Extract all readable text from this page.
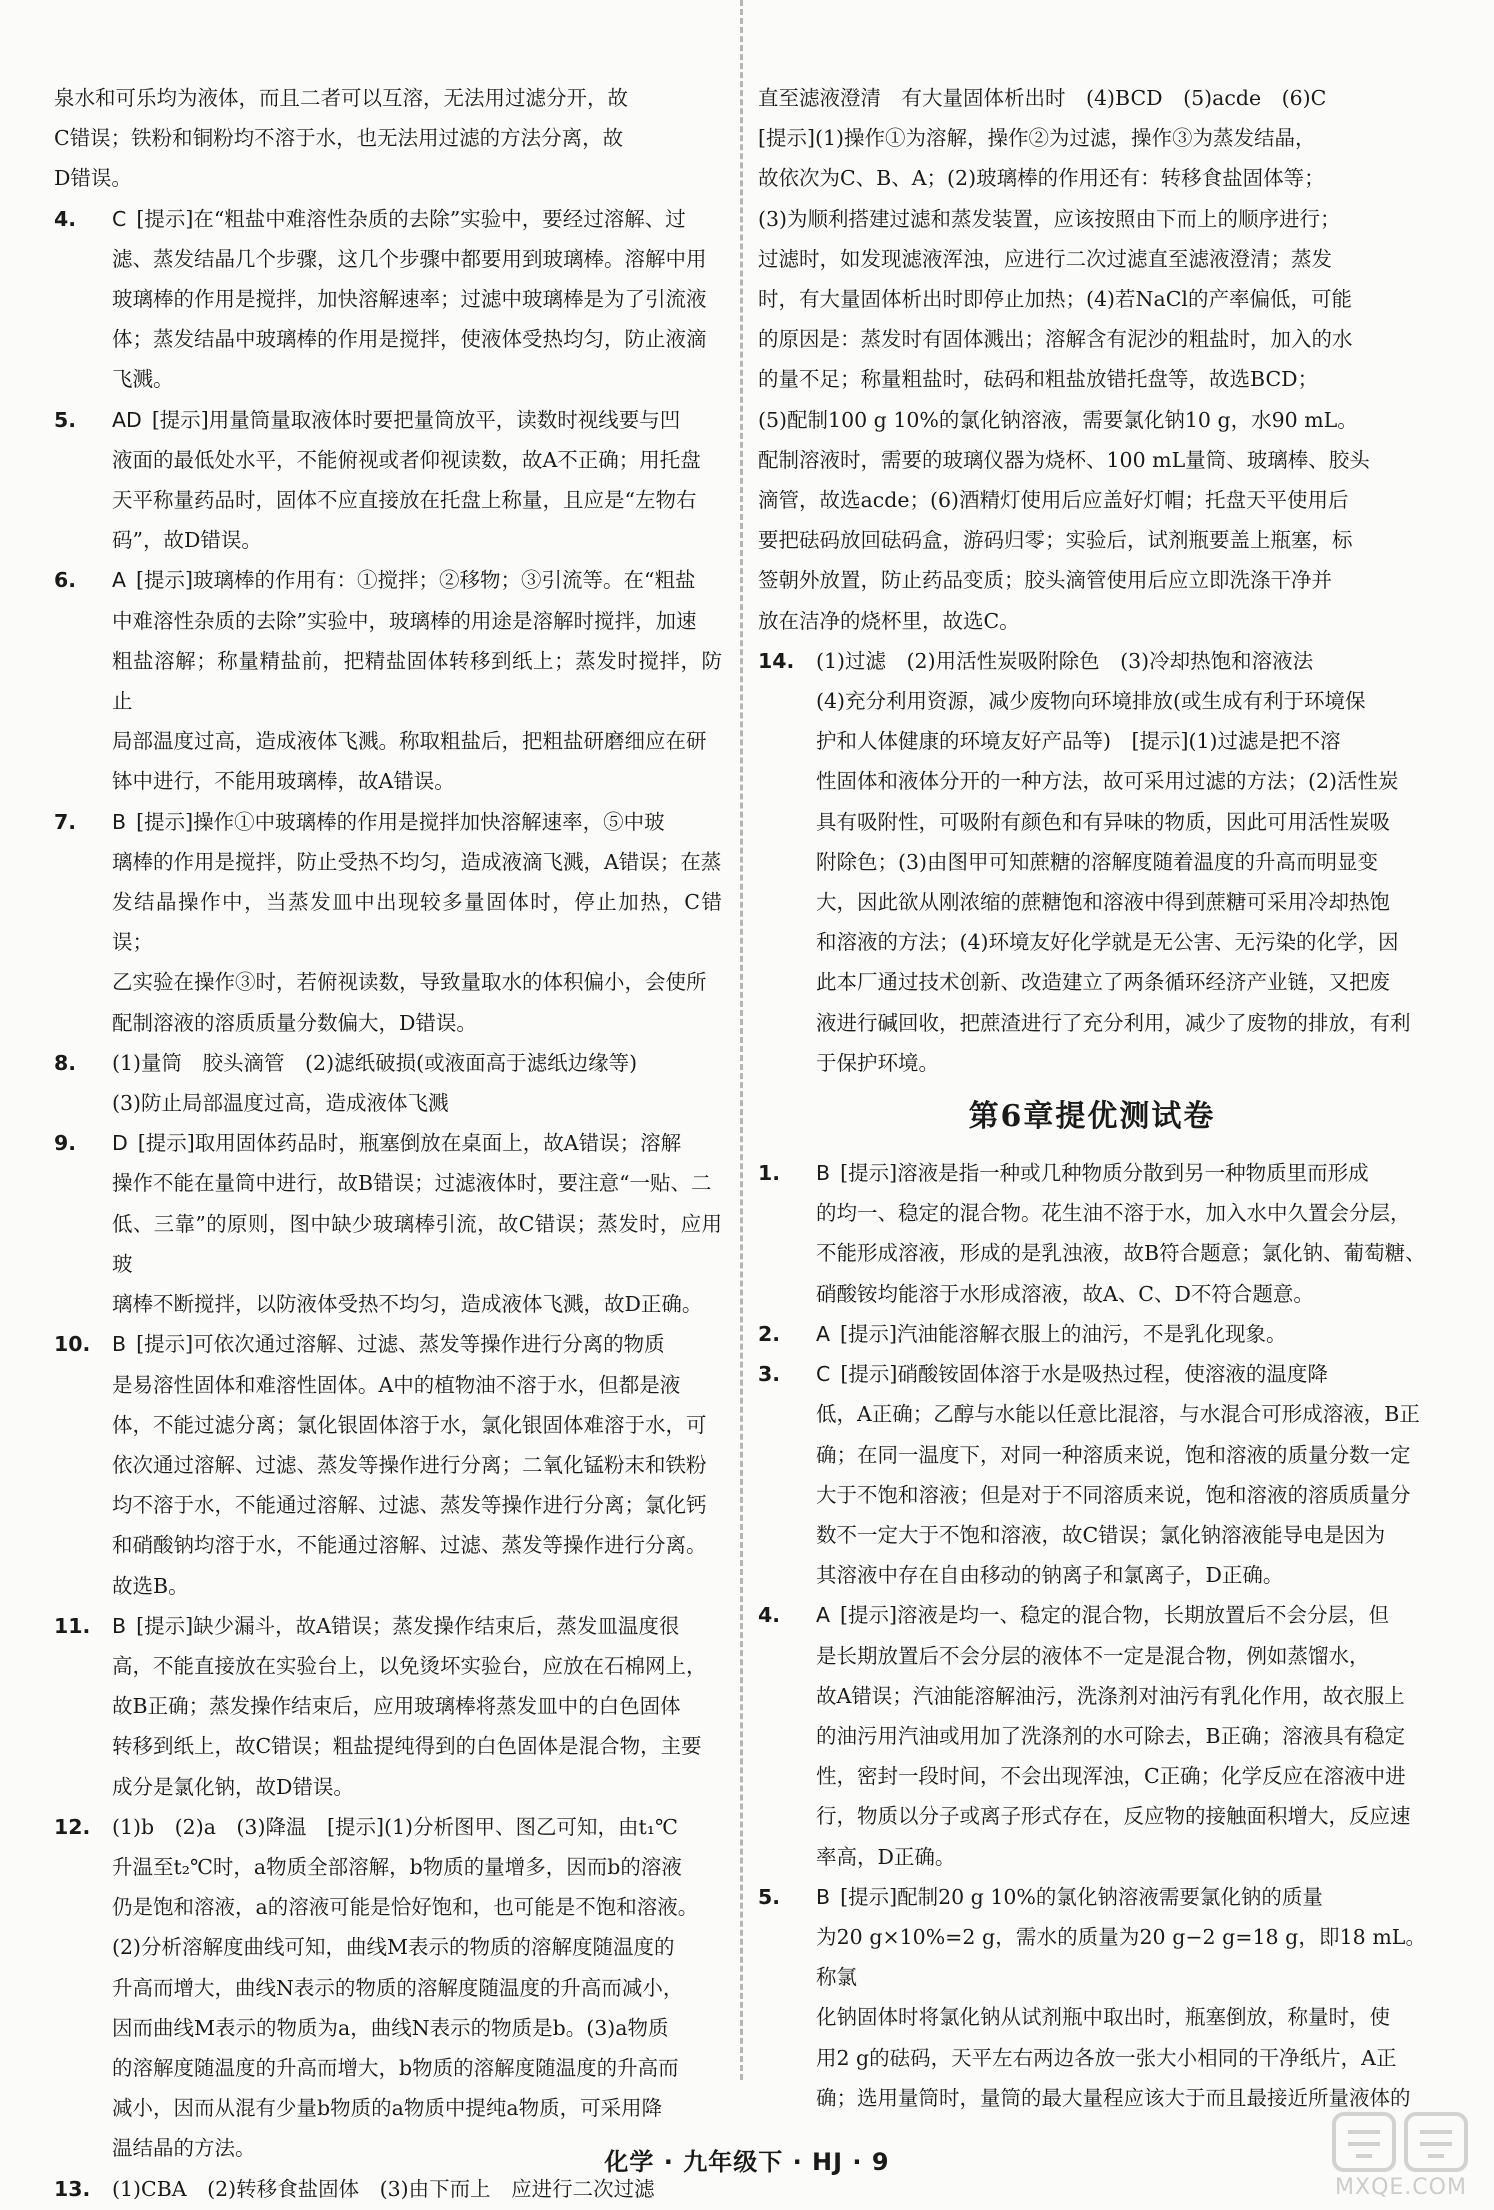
泉水和可乐均为液体，而且二者可以互溶，无法用过滤分开，故
C错误；铁粉和铜粉均不溶于水，也无法用过滤的方法分离，故
D错误。
4. C [提示]在“粗盐中难溶性杂质的去除”实验中，要经过溶解、过
滤、蒸发结晶几个步骤，这几个步骤中都要用到玻璃棒。溶解中用
玻璃棒的作用是搅拌，加快溶解速率；过滤中玻璃棒是为了引流液
体；蒸发结晶中玻璃棒的作用是搅拌，使液体受热均匀，防止液滴
飞溅。
5. AD [提示]用量筒量取液体时要把量筒放平，读数时视线要与凹
液面的最低处水平，不能俯视或者仰视读数，故A不正确；用托盘
天平称量药品时，固体不应直接放在托盘上称量，且应是“左物右
码”，故D错误。
6. A [提示]玻璃棒的作用有：①搅拌；②移物；③引流等。在“粗盐
中难溶性杂质的去除”实验中，玻璃棒的用途是溶解时搅拌，加速
粗盐溶解；称量精盐前，把精盐固体转移到纸上；蒸发时搅拌，防止
局部温度过高，造成液体飞溅。称取粗盐后，把粗盐研磨细应在研
钵中进行，不能用玻璃棒，故A错误。
7. B [提示]操作①中玻璃棒的作用是搅拌加快溶解速率，⑤中玻
璃棒的作用是搅拌，防止受热不均匀，造成液滴飞溅，A错误；在蒸
发结晶操作中，当蒸发皿中出现较多量固体时，停止加热，C错误；
乙实验在操作③时，若俯视读数，导致量取水的体积偏小，会使所
配制溶液的溶质质量分数偏大，D错误。
8. (1)量筒　胶头滴管　(2)滤纸破损(或液面高于滤纸边缘等)
(3)防止局部温度过高，造成液体飞溅
9. D [提示]取用固体药品时，瓶塞倒放在桌面上，故A错误；溶解
操作不能在量筒中进行，故B错误；过滤液体时，要注意“一贴、二
低、三靠”的原则，图中缺少玻璃棒引流，故C错误；蒸发时，应用玻
璃棒不断搅拌，以防液体受热不均匀，造成液体飞溅，故D正确。
10. B [提示]可依次通过溶解、过滤、蒸发等操作进行分离的物质
是易溶性固体和难溶性固体。A中的植物油不溶于水，但都是液
体，不能过滤分离；氯化银固体溶于水，氯化银固体难溶于水，可
依次通过溶解、过滤、蒸发等操作进行分离；二氧化锰粉末和铁粉
均不溶于水，不能通过溶解、过滤、蒸发等操作进行分离；氯化钙
和硝酸钠均溶于水，不能通过溶解、过滤、蒸发等操作进行分离。
故选B。
11. B [提示]缺少漏斗，故A错误；蒸发操作结束后，蒸发皿温度很
高，不能直接放在实验台上，以免烫坏实验台，应放在石棉网上，
故B正确；蒸发操作结束后，应用玻璃棒将蒸发皿中的白色固体
转移到纸上，故C错误；粗盐提纯得到的白色固体是混合物，主要
成分是氯化钠，故D错误。
12. (1)b　(2)a　(3)降温　[提示](1)分析图甲、图乙可知，由t₁℃
升温至t₂℃时，a物质全部溶解，b物质的量增多，因而b的溶液
仍是饱和溶液，a的溶液可能是恰好饱和，也可能是不饱和溶液。
(2)分析溶解度曲线可知，曲线M表示的物质的溶解度随温度的
升高而增大，曲线N表示的物质的溶解度随温度的升高而减小，
因而曲线M表示的物质为a，曲线N表示的物质是b。(3)a物质
的溶解度随温度的升高而增大，b物质的溶解度随温度的升高而
减小，因而从混有少量b物质的a物质中提纯a物质，可采用降
温结晶的方法。
13. (1)CBA　(2)转移食盐固体　(3)由下而上　应进行二次过滤
直至滤液澄清　有大量固体析出时　(4)BCD　(5)acde　(6)C
[提示](1)操作①为溶解，操作②为过滤，操作③为蒸发结晶，
故依次为C、B、A；(2)玻璃棒的作用还有：转移食盐固体等；
(3)为顺利搭建过滤和蒸发装置，应该按照由下而上的顺序进行；
过滤时，如发现滤液浑浊，应进行二次过滤直至滤液澄清；蒸发
时，有大量固体析出时即停止加热；(4)若NaCl的产率偏低，可能
的原因是：蒸发时有固体溅出；溶解含有泥沙的粗盐时，加入的水
的量不足；称量粗盐时，砝码和粗盐放错托盘等，故选BCD；
(5)配制100 g 10%的氯化钠溶液，需要氯化钠10 g，水90 mL。
配制溶液时，需要的玻璃仪器为烧杯、100 mL量筒、玻璃棒、胶头
滴管，故选acde；(6)酒精灯使用后应盖好灯帽；托盘天平使用后
要把砝码放回砝码盒，游码归零；实验后，试剂瓶要盖上瓶塞，标
签朝外放置，防止药品变质；胶头滴管使用后应立即洗涤干净并
放在洁净的烧杯里，故选C。
14. (1)过滤　(2)用活性炭吸附除色　(3)冷却热饱和溶液法
(4)充分利用资源，减少废物向环境排放(或生成有利于环境保
护和人体健康的环境友好产品等)　[提示](1)过滤是把不溶
性固体和液体分开的一种方法，故可采用过滤的方法；(2)活性炭
具有吸附性，可吸附有颜色和有异味的物质，因此可用活性炭吸
附除色；(3)由图甲可知蔗糖的溶解度随着温度的升高而明显变
大，因此欲从刚浓缩的蔗糖饱和溶液中得到蔗糖可采用冷却热饱
和溶液的方法；(4)环境友好化学就是无公害、无污染的化学，因
此本厂通过技术创新、改造建立了两条循环经济产业链，又把废
液进行碱回收，把蔗渣进行了充分利用，减少了废物的排放，有利
于保护环境。
第6章提优测试卷
1. B [提示]溶液是指一种或几种物质分散到另一种物质里而形成
的均一、稳定的混合物。花生油不溶于水，加入水中久置会分层，
不能形成溶液，形成的是乳浊液，故B符合题意；氯化钠、葡萄糖、
硝酸铵均能溶于水形成溶液，故A、C、D不符合题意。
2. A [提示]汽油能溶解衣服上的油污，不是乳化现象。
3. C [提示]硝酸铵固体溶于水是吸热过程，使溶液的温度降
低，A正确；乙醇与水能以任意比混溶，与水混合可形成溶液，B正
确；在同一温度下，对同一种溶质来说，饱和溶液的质量分数一定
大于不饱和溶液；但是对于不同溶质来说，饱和溶液的溶质质量分
数不一定大于不饱和溶液，故C错误；氯化钠溶液能导电是因为
其溶液中存在自由移动的钠离子和氯离子，D正确。
4. A [提示]溶液是均一、稳定的混合物，长期放置后不会分层，但
是长期放置后不会分层的液体不一定是混合物，例如蒸馏水，
故A错误；汽油能溶解油污，洗涤剂对油污有乳化作用，故衣服上
的油污用汽油或用加了洗涤剂的水可除去，B正确；溶液具有稳定
性，密封一段时间，不会出现浑浊，C正确；化学反应在溶液中进
行，物质以分子或离子形式存在，反应物的接触面积增大，反应速
率高，D正确。
5. B [提示]配制20 g 10%的氯化钠溶液需要氯化钠的质量
为20 g×10%=2 g，需水的质量为20 g−2 g=18 g，即18 mL。称氯
化钠固体时将氯化钠从试剂瓶中取出时，瓶塞倒放，称量时，使
用2 g的砝码，天平左右两边各放一张大小相同的干净纸片，A正
确；选用量筒时，量筒的最大量程应该大于而且最接近所量液体的
化学 · 九年级下 · HJ · 9
MXQE.COM
